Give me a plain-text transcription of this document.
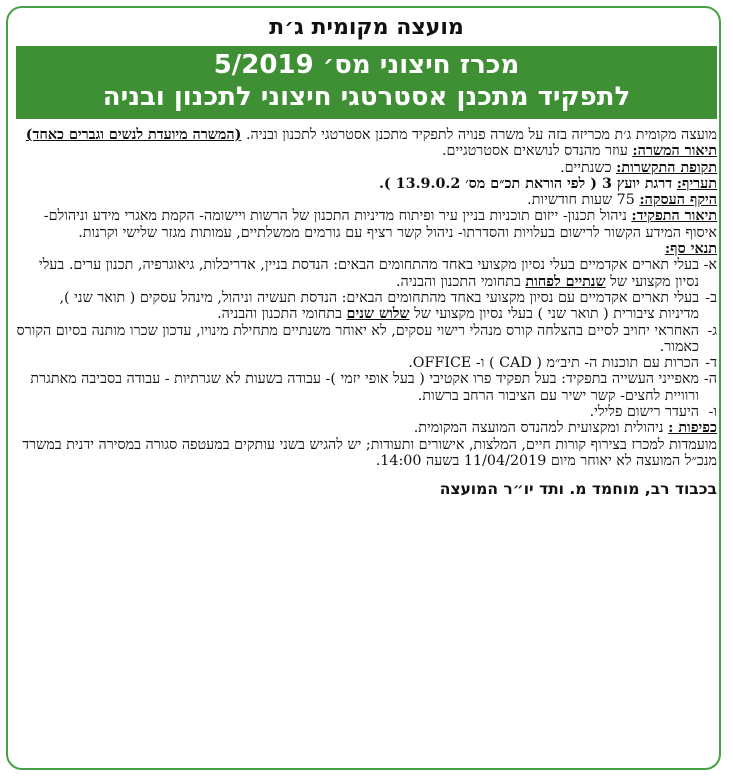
מועצה מקומית ג׳ת
מכרז חיצוני מס׳ 5/2019
לתפקיד מתכנן אסטרטגי חיצוני לתכנון ובניה

מועצה מקומית ג׳ת מכריזה בזה על משרה פנויה לתפקיד מתכנן אסטרטגי לתכנון ובניה. (המשרה מיועדת לנשים וגברים כאחד)

תיאור המשרה: עוזר מהנדס לנושאים אסטרטגיים.

תקופת התקשרות: כשנתיים.

תעריף: דרגת יועץ 3 ( לפי הוראת תכ״ם מס׳ 13.9.0.2 ).

היקף העסקה: 75 שעות חודשיות.

תיאור התפקיד: ניהול תכנון- ייזום תוכניות בניין עיר ופיתוח מדיניות התכנון של הרשות ויישומה- הקמת מאגרי מידע וניהולם- איסוף המידע הקשור לרישום בעלויות והסדרתו- ניהול קשר רציף עם גורמים ממשלתיים, עמותות מגזר שלישי וקרנות.

תנאי סף:

א-
בעלי תארים אקדמיים בעלי נסיון מקצועי באחד מהתחומים הבאים: הנדסת בניין, אדריכלות, גיאוגרפיה, תכנון ערים. בעלי נסיון מקצועי של שנתיים לפחות בתחומי התכנון והבניה.
ב-
בעלי תארים אקדמיים עם נסיון מקצועי באחד מהתחומים הבאים: הנדסת תעשיה וניהול, מינהל עסקים ( תואר שני ), מדיניות ציבורית ( תואר שני ) בעלי נסיון מקצועי של שלוש שנים בתחומי התכנון והבניה.
ג-
האחראי יחויב לסיים בהצלחה קורס מנהלי רישוי עסקים, לא יאוחר משנתיים מתחילת מינויו, עדכון שכרו מותנה בסיום הקורס כאמור.
ד-
הכרות עם תוכנות ה- תיב״מ ( CAD ) ו- OFFICE.
ה-
מאפייני העשייה בתפקיד: בעל תפקיד פרו אקטיבי ( בעל אופי יזמי )- עבודה בשעות לא שגרתיות - עבודה בסביבה מאתגרת ורוויית לחצים- קשר ישיר עם הציבור הרחב ברשות.
ו-
היעדר רישום פלילי.

כפיפות : ניהולית ומקצועית למהנדס המועצה המקומית.

מועמדות למכרז בצירוף קורות חיים, המלצות, אישורים ותעודות; יש להגיש בשני עותקים במעטפה סגורה במסירה ידנית במשרד מנכ״ל המועצה לא יאוחר מיום 11/04/2019 בשעה 14:00.

בכבוד רב, מוחמד מ. ותד יו״ר המועצה
